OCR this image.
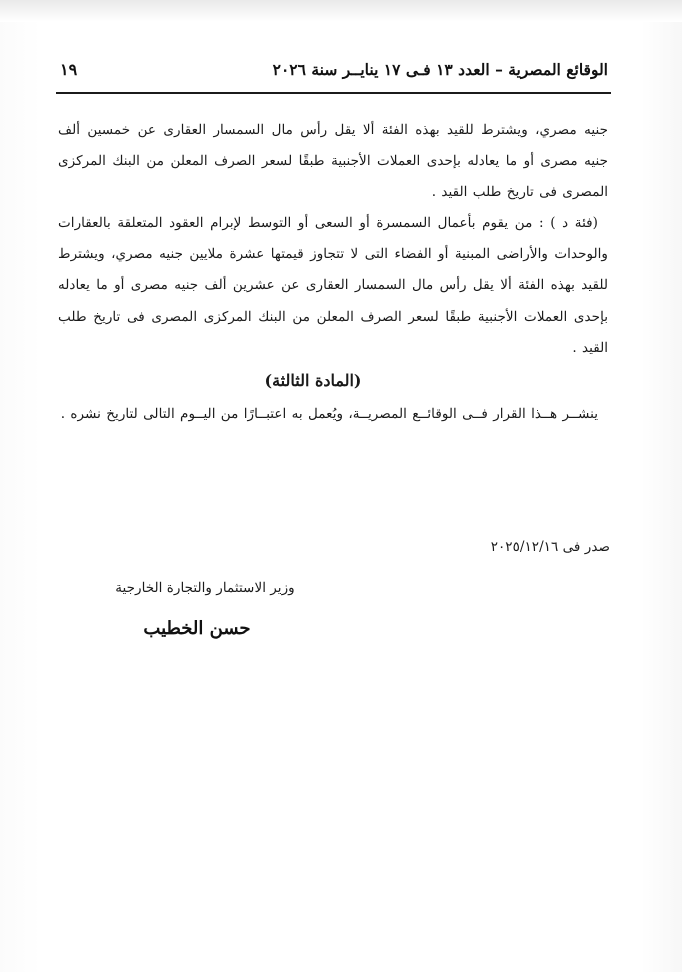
الوقائع المصرية – العدد ١٣ فـى ١٧ ينايــر سنة ٢٠٢٦
١٩

جنيه مصري، ويشترط للقيد بهذه الفئة ألا يقل رأس مال السمسار العقارى عن خمسين ألف جنيه مصرى أو ما يعادله بإحدى العملات الأجنبية طبقًا لسعر الصرف المعلن من البنك المركزى المصرى فى تاريخ طلب القيد .

(فئة د ) : من يقوم بأعمال السمسرة أو السعى أو التوسط لإبرام العقود المتعلقة بالعقارات والوحدات والأراضى المبنية أو الفضاء التى لا تتجاوز قيمتها عشرة ملايين جنيه مصري، ويشترط للقيد بهذه الفئة ألا يقل رأس مال السمسار العقارى عن عشرين ألف جنيه مصرى أو ما يعادله بإحدى العملات الأجنبية طبقًا لسعر الصرف المعلن من البنك المركزى المصرى فى تاريخ طلب القيد .

(المادة الثالثة)

ينشــر هــذا القرار فــى الوقائــع المصريــة، ويُعمل به اعتبــارًا من اليــوم التالى لتاريخ نشره .

صدر فى ٢٠٢٥/١٢/١٦
وزير الاستثمار والتجارة الخارجية
حسن الخطيب
